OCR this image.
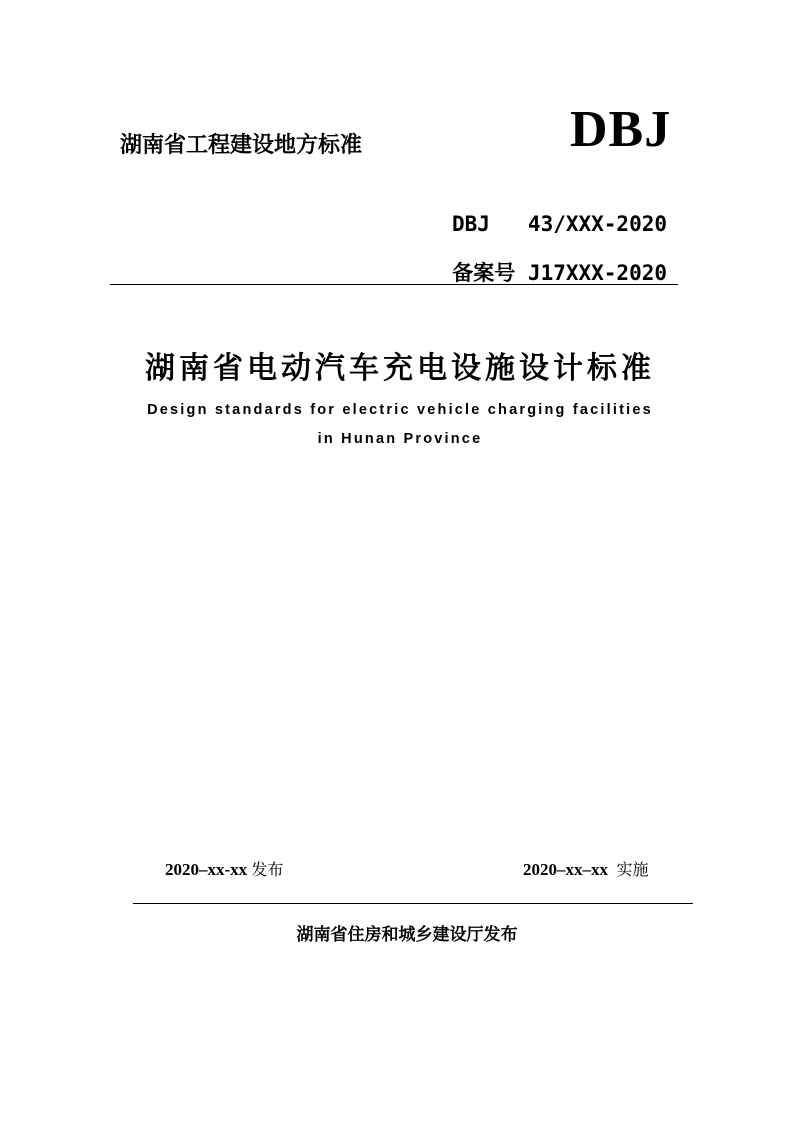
湖南省工程建设地方标准	DBJ
DBJ 43/XXX-2020
备案号 J17XXX-2020
湖南省电动汽车充电设施设计标准
Design standards for electric vehicle charging facilities
in Hunan Province
2020–xx-xx 发布	2020–xx–xx 实施
湖南省住房和城乡建设厅发布
